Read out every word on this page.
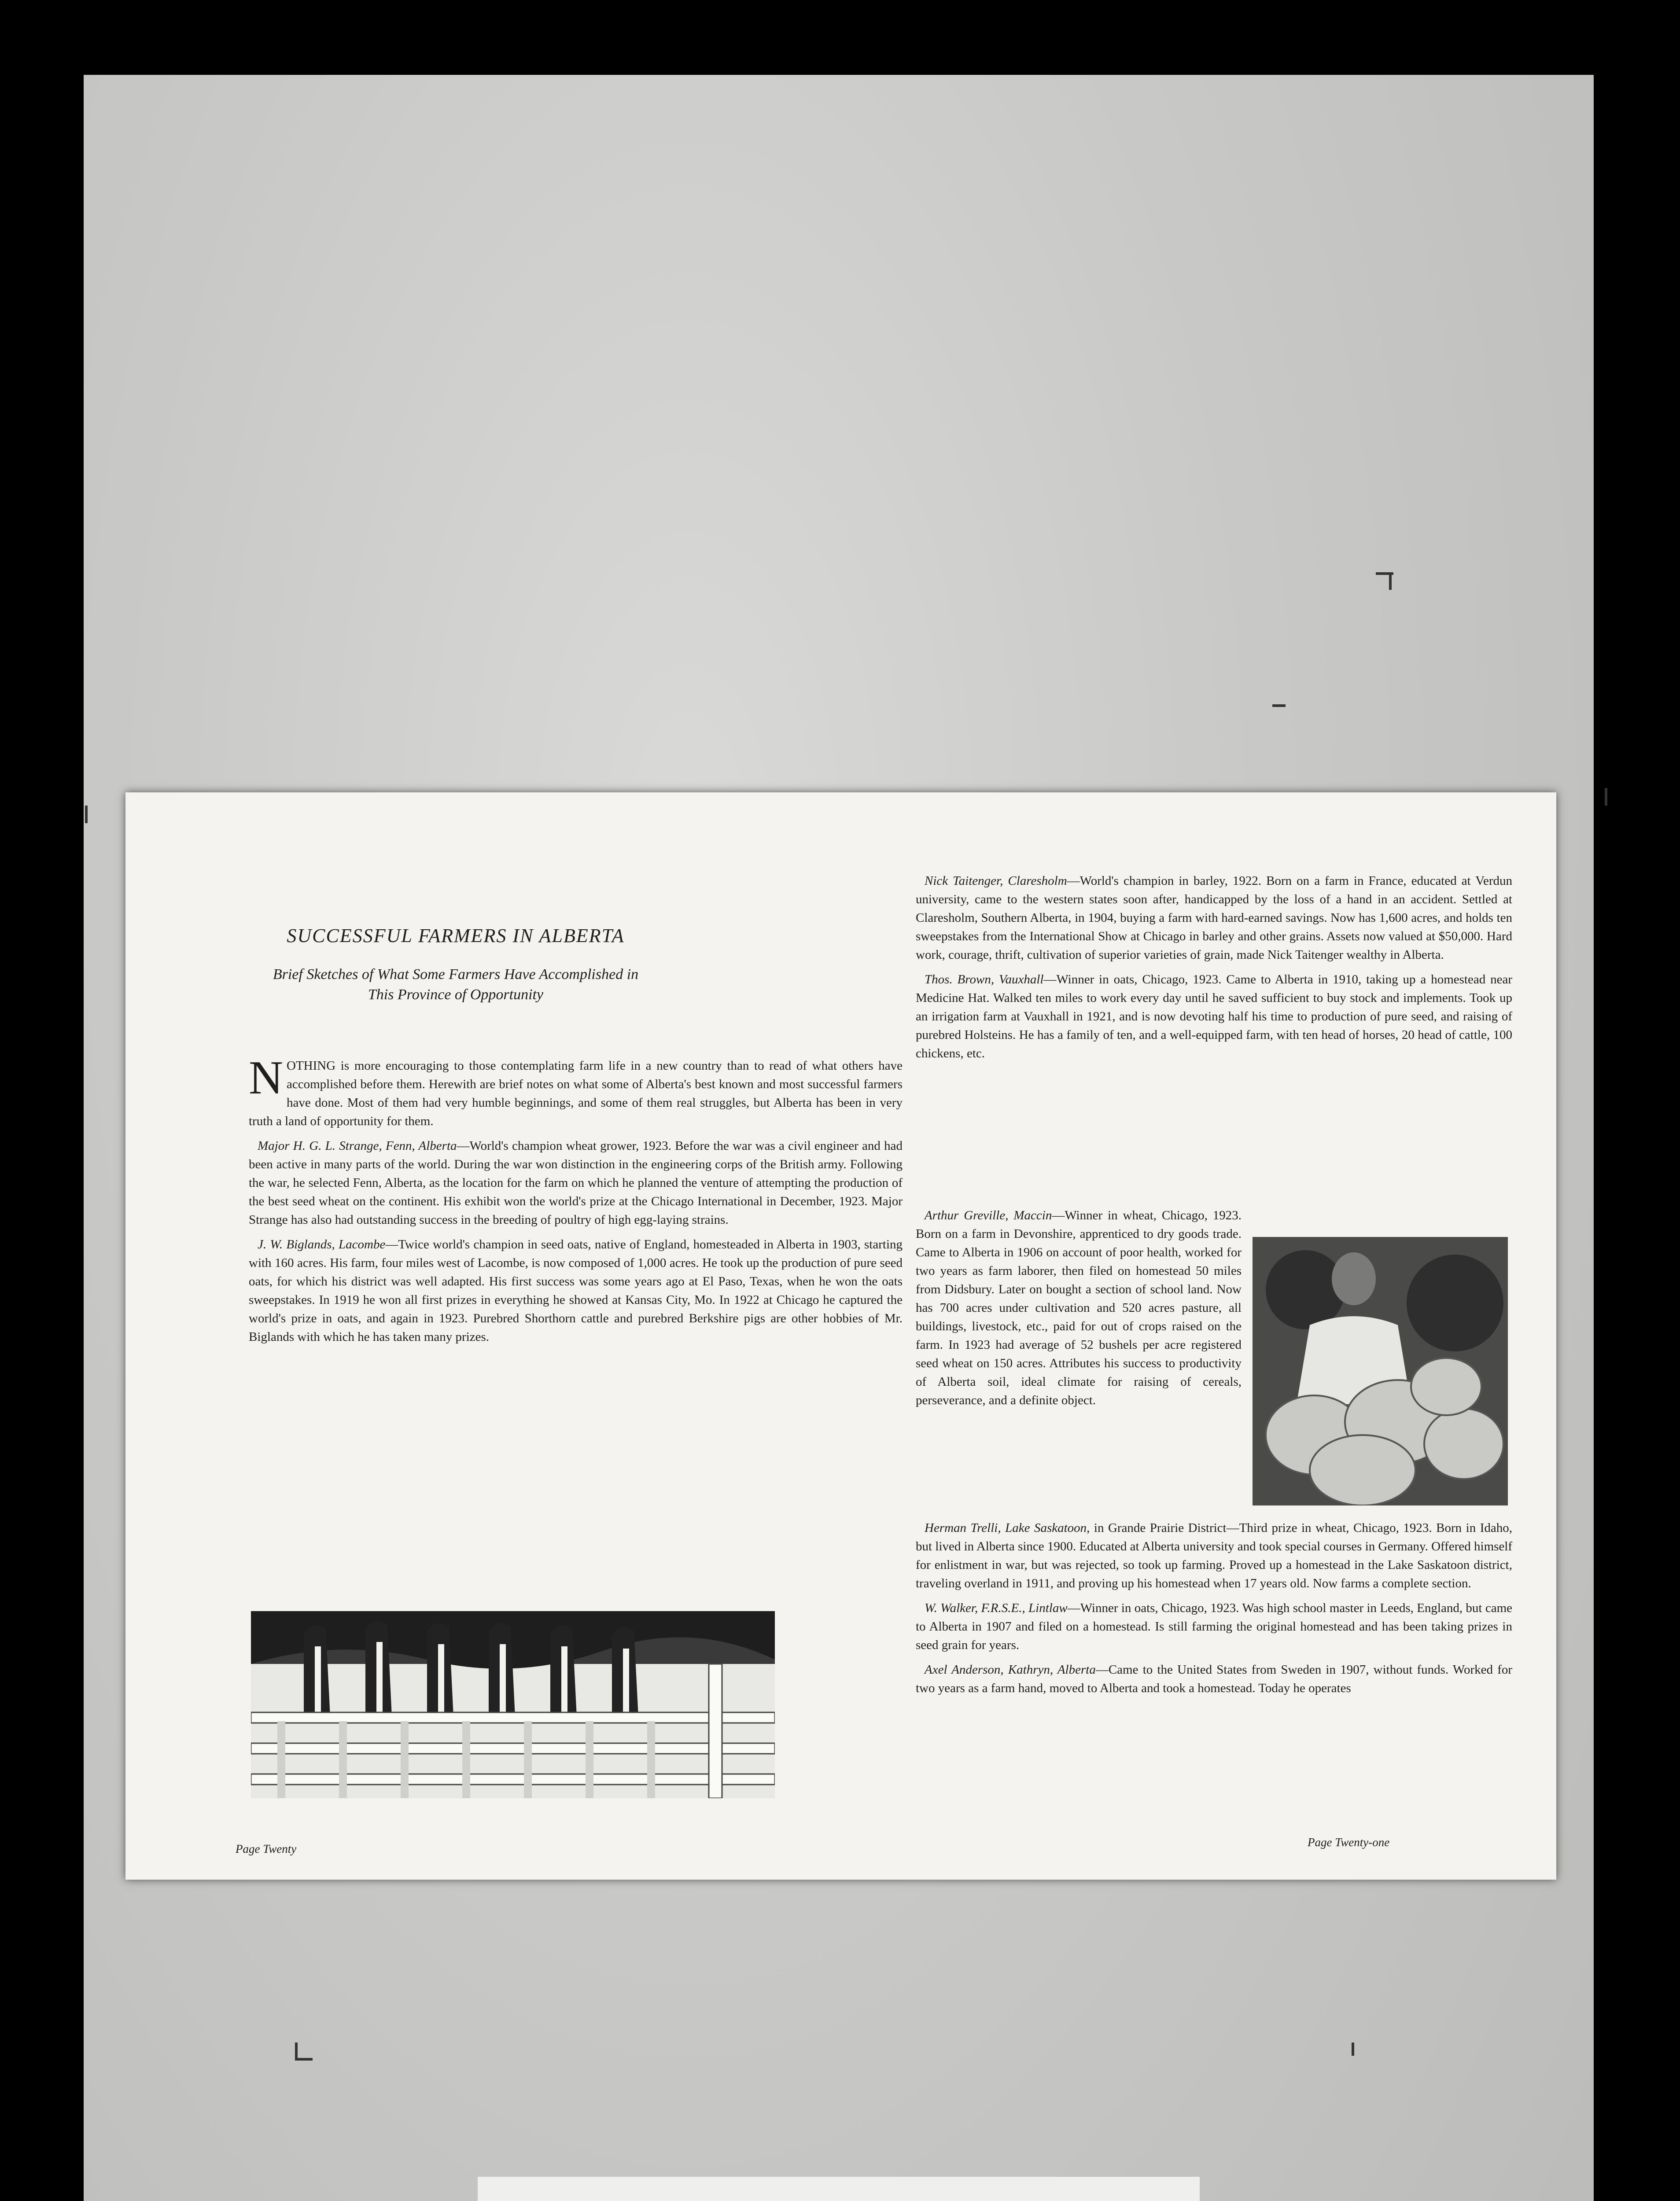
SUCCESSFUL FARMERS IN ALBERTA
Brief Sketches of What Some Farmers Have Accomplished in
This Province of Opportunity

NOTHING is more encouraging to those contemplating farm life in a new country than to read of what others have accomplished before them. Herewith are brief notes on what some of Alberta's best known and most successful farmers have done. Most of them had very humble beginnings, and some of them real struggles, but Alberta has been in very truth a land of opportunity for them.

Major H. G. L. Strange, Fenn, Alberta—World's champion wheat grower, 1923. Before the war was a civil engineer and had been active in many parts of the world. During the war won distinction in the engineering corps of the British army. Following the war, he selected Fenn, Alberta, as the location for the farm on which he planned the venture of attempting the production of the best seed wheat on the continent. His exhibit won the world's prize at the Chicago International in December, 1923. Major Strange has also had outstanding success in the breeding of poultry of high egg-laying strains.

J. W. Biglands, Lacombe—Twice world's champion in seed oats, native of England, homesteaded in Alberta in 1903, starting with 160 acres. His farm, four miles west of Lacombe, is now composed of 1,000 acres. He took up the production of pure seed oats, for which his district was well adapted. His first success was some years ago at El Paso, Texas, when he won the oats sweepstakes. In 1919 he won all first prizes in everything he showed at Kansas City, Mo. In 1922 at Chicago he captured the world's prize in oats, and again in 1923. Purebred Shorthorn cattle and purebred Berkshire pigs are other hobbies of Mr. Biglands with which he has taken many prizes.

Page Twenty

Nick Taitenger, Claresholm—World's champion in barley, 1922. Born on a farm in France, educated at Verdun university, came to the western states soon after, handicapped by the loss of a hand in an accident. Settled at Claresholm, Southern Alberta, in 1904, buying a farm with hard-earned savings. Now has 1,600 acres, and holds ten sweepstakes from the International Show at Chicago in barley and other grains. Assets now valued at $50,000. Hard work, courage, thrift, cultivation of superior varieties of grain, made Nick Taitenger wealthy in Alberta.

Thos. Brown, Vauxhall—Winner in oats, Chicago, 1923. Came to Alberta in 1910, taking up a homestead near Medicine Hat. Walked ten miles to work every day until he saved sufficient to buy stock and implements. Took up an irrigation farm at Vauxhall in 1921, and is now devoting half his time to production of pure seed, and raising of purebred Holsteins. He has a family of ten, and a well-equipped farm, with ten head of horses, 20 head of cattle, 100 chickens, etc.

Arthur Greville, Maccin—Winner in wheat, Chicago, 1923. Born on a farm in Devonshire, apprenticed to dry goods trade. Came to Alberta in 1906 on account of poor health, worked for two years as farm laborer, then filed on homestead 50 miles from Didsbury. Later on bought a section of school land. Now has 700 acres under cultivation and 520 acres pasture, all buildings, livestock, etc., paid for out of crops raised on the farm. In 1923 had average of 52 bushels per acre registered seed wheat on 150 acres. Attributes his success to productivity of Alberta soil, ideal climate for raising of cereals, perseverance, and a definite object.

Herman Trelli, Lake Saskatoon, in Grande Prairie District—Third prize in wheat, Chicago, 1923. Born in Idaho, but lived in Alberta since 1900. Educated at Alberta university and took special courses in Germany. Offered himself for enlistment in war, but was rejected, so took up farming. Proved up a homestead in the Lake Saskatoon district, traveling overland in 1911, and proving up his homestead when 17 years old. Now farms a complete section.

W. Walker, F.R.S.E., Lintlaw—Winner in oats, Chicago, 1923. Was high school master in Leeds, England, but came to Alberta in 1907 and filed on a homestead. Is still farming the original homestead and has been taking prizes in seed grain for years.

Axel Anderson, Kathryn, Alberta—Came to the United States from Sweden in 1907, without funds. Worked for two years as a farm hand, moved to Alberta and took a homestead. Today he operates

Page Twenty-one
